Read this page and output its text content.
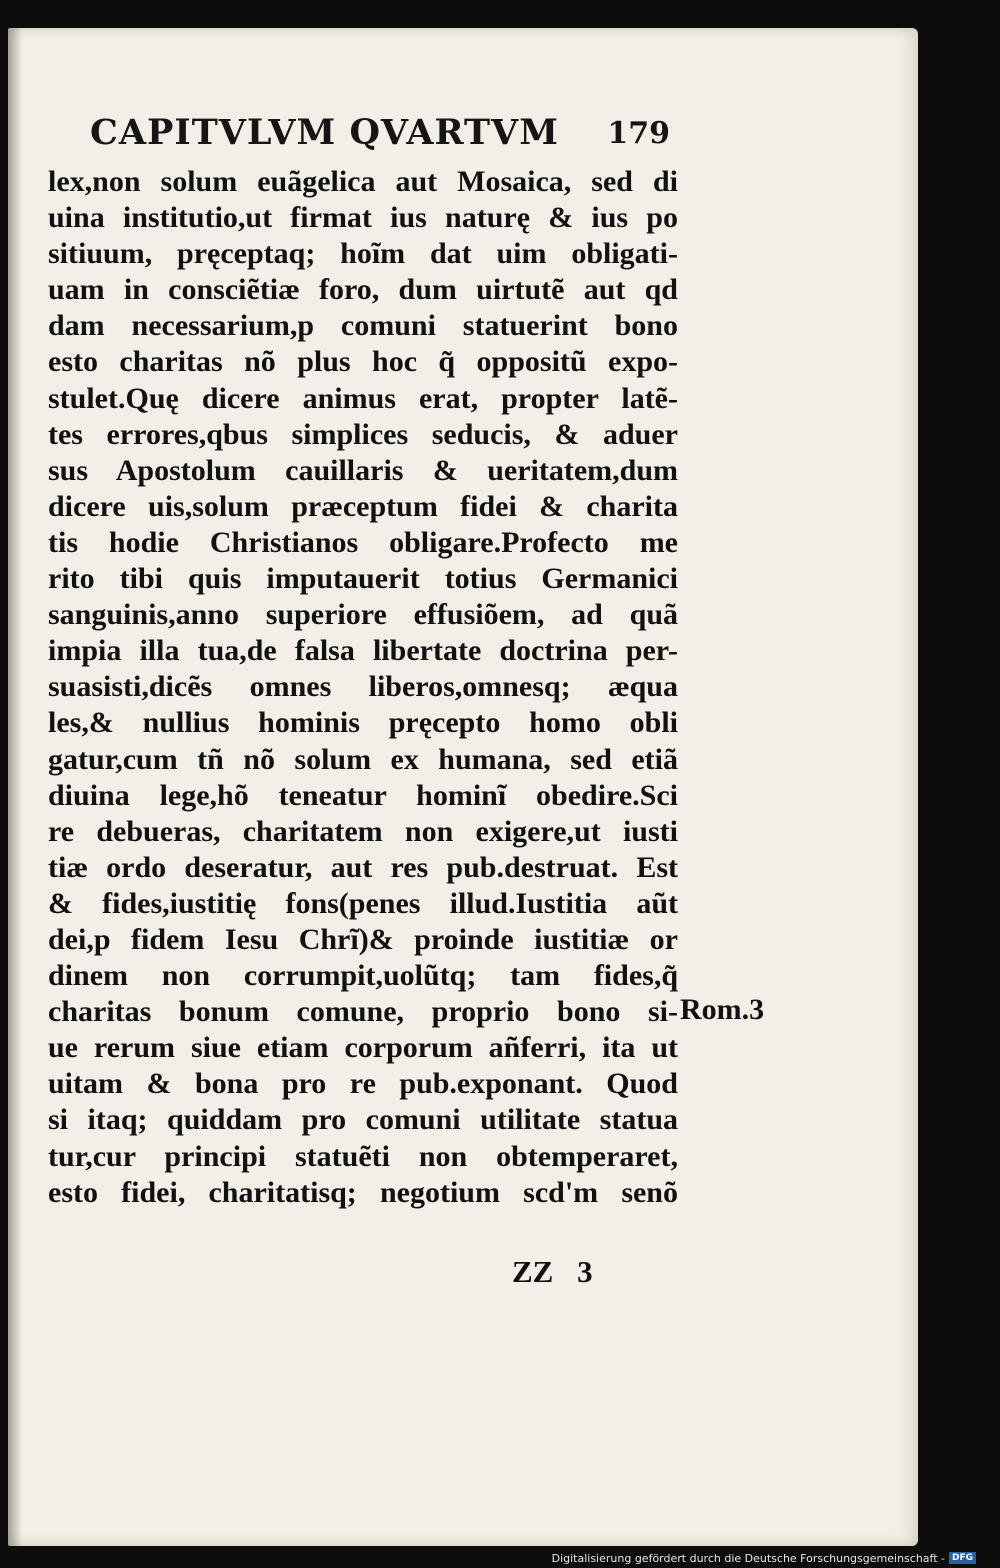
CAPITVLVM QVARTVM 179
lex,non solum euãgelica aut Mosaica, sed di
uina institutio,ut firmat ius naturę & ius po
sitiuum, pręceptaq; hoĩm dat uim obligati-
uam in consciẽtiæ foro, dum uirtutẽ aut qd
dam necessarium,p comuni statuerint bono
esto charitas nõ plus hoc q͂ oppositũ expo-
stulet.Quę dicere animus erat, propter latẽ-
tes errores,qbus simplices seducis, & aduer
sus Apostolum cauillaris & ueritatem,dum
dicere uis,solum præceptum fidei & charita
tis hodie Christianos obligare.Profecto me
rito tibi quis imputauerit totius Germanici
sanguinis,anno superiore effusiõem, ad quã
impia illa tua,de falsa libertate doctrina per-
suasisti,dicẽs omnes liberos,omnesq; æqua
les,& nullius hominis pręcepto homo obli
gatur,cum tñ nõ solum ex humana, sed etiã
diuina lege,hõ teneatur hominĩ obedire.Sci
re debueras, charitatem non exigere,ut iusti
tiæ ordo deseratur, aut res pub.destruat. Est
& fides,iustitię fons(penes illud.Iustitia aũt
dei,p fidem Iesu Chrĩ)& proinde iustitiæ or
dinem non corrumpit,uolũtq; tam fides,q͂
charitas bonum comune, proprio bono si-
ue rerum siue etiam corporum añferri, ita ut
uitam & bona pro re pub.exponant. Quod
si itaq; quiddam pro comuni utilitate statua
tur,cur principi statuẽti non obtemperaret,
esto fidei, charitatisq; negotium scd'm senõ
Rom.3
ZZ 3
Digitalisierung gefördert durch die Deutsche Forschungsgemeinschaft - DFG
